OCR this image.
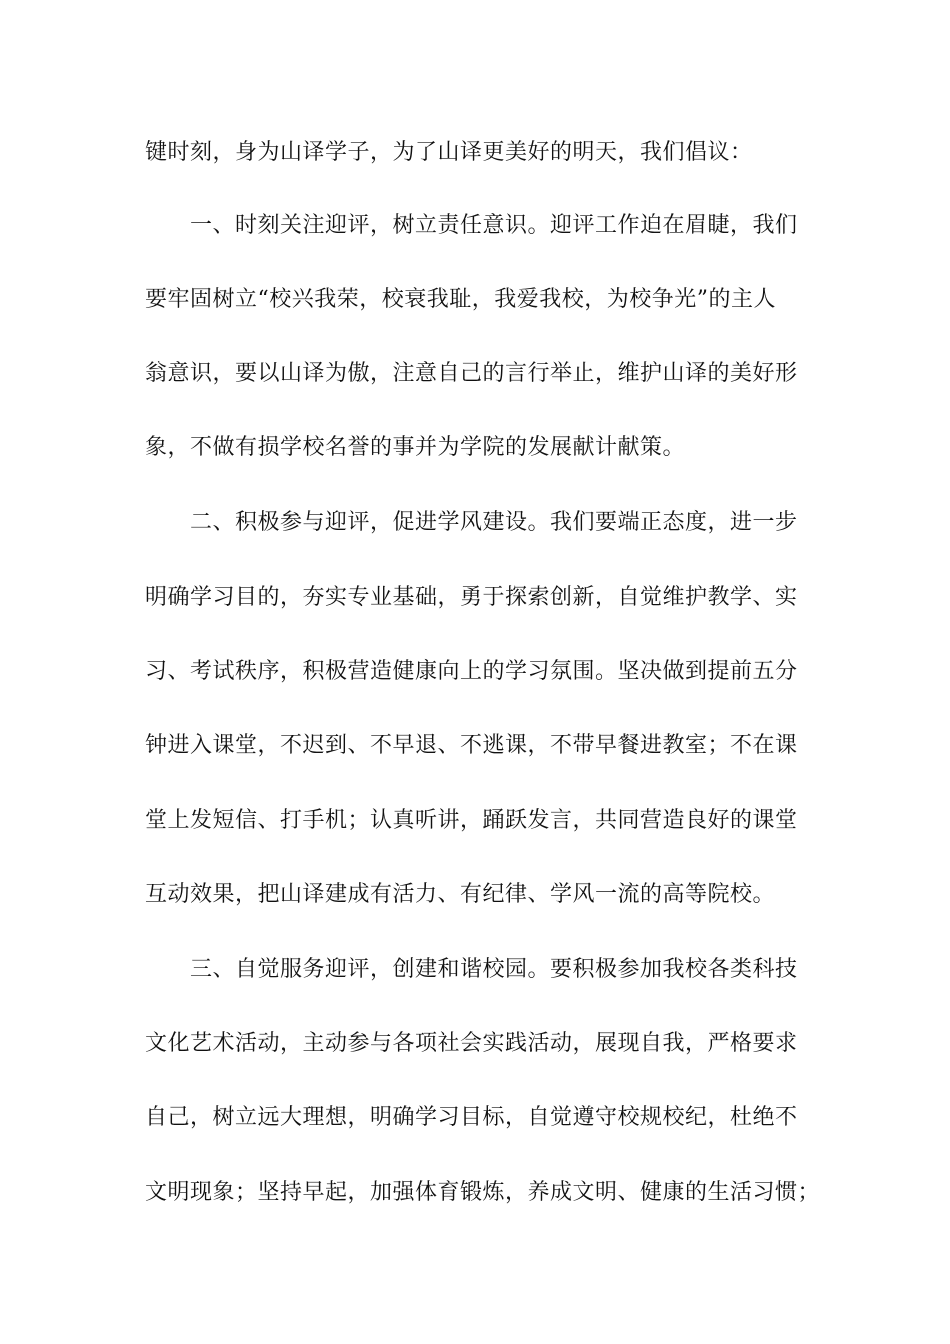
键时刻，身为山译学子，为了山译更美好的明天，我们倡议：

一、时刻关注迎评，树立责任意识。迎评工作迫在眉睫，我们

要牢固树立“校兴我荣，校衰我耻，我爱我校，为校争光”的主人

翁意识，要以山译为傲，注意自己的言行举止，维护山译的美好形

象，不做有损学校名誉的事并为学院的发展献计献策。

二、积极参与迎评，促进学风建设。我们要端正态度，进一步

明确学习目的，夯实专业基础，勇于探索创新，自觉维护教学、实

习、考试秩序，积极营造健康向上的学习氛围。坚决做到提前五分

钟进入课堂，不迟到、不早退、不逃课，不带早餐进教室；不在课

堂上发短信、打手机；认真听讲，踊跃发言，共同营造良好的课堂

互动效果，把山译建成有活力、有纪律、学风一流的高等院校。

三、自觉服务迎评，创建和谐校园。要积极参加我校各类科技

文化艺术活动，主动参与各项社会实践活动，展现自我，严格要求

自己，树立远大理想，明确学习目标，自觉遵守校规校纪，杜绝不

文明现象；坚持早起，加强体育锻炼，养成文明、健康的生活习惯；
